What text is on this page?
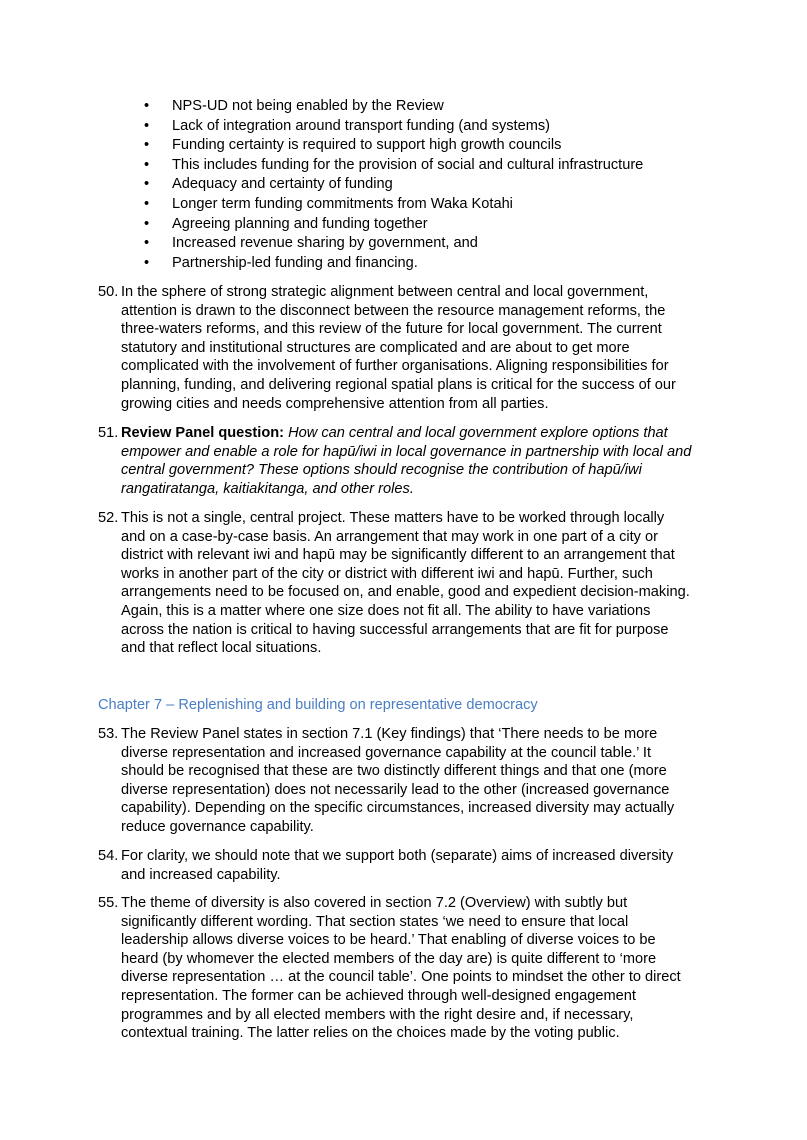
• NPS-UD not being enabled by the Review
• Lack of integration around transport funding (and systems)
• Funding certainty is required to support high growth councils
• This includes funding for the provision of social and cultural infrastructure
• Adequacy and certainty of funding
• Longer term funding commitments from Waka Kotahi
• Agreeing planning and funding together
• Increased revenue sharing by government, and
• Partnership-led funding and financing.
50. In the sphere of strong strategic alignment between central and local government,
attention is drawn to the disconnect between the resource management reforms, the
three-waters reforms, and this review of the future for local government. The current
statutory and institutional structures are complicated and are about to get more
complicated with the involvement of further organisations. Aligning responsibilities for
planning, funding, and delivering regional spatial plans is critical for the success of our
growing cities and needs comprehensive attention from all parties.
51. Review Panel question: How can central and local government explore options that
empower and enable a role for hapū/iwi in local governance in partnership with local and
central government? These options should recognise the contribution of hapū/iwi
rangatiratanga, kaitiakitanga, and other roles.
52. This is not a single, central project. These matters have to be worked through locally
and on a case-by-case basis. An arrangement that may work in one part of a city or
district with relevant iwi and hapū may be significantly different to an arrangement that
works in another part of the city or district with different iwi and hapū. Further, such
arrangements need to be focused on, and enable, good and expedient decision-making.
Again, this is a matter where one size does not fit all. The ability to have variations
across the nation is critical to having successful arrangements that are fit for purpose
and that reflect local situations.
Chapter 7 – Replenishing and building on representative democracy
53. The Review Panel states in section 7.1 (Key findings) that ‘There needs to be more
diverse representation and increased governance capability at the council table.’ It
should be recognised that these are two distinctly different things and that one (more
diverse representation) does not necessarily lead to the other (increased governance
capability). Depending on the specific circumstances, increased diversity may actually
reduce governance capability.
54. For clarity, we should note that we support both (separate) aims of increased diversity
and increased capability.
55. The theme of diversity is also covered in section 7.2 (Overview) with subtly but
significantly different wording. That section states ‘we need to ensure that local
leadership allows diverse voices to be heard.’ That enabling of diverse voices to be
heard (by whomever the elected members of the day are) is quite different to ‘more
diverse representation … at the council table’. One points to mindset the other to direct
representation. The former can be achieved through well-designed engagement
programmes and by all elected members with the right desire and, if necessary,
contextual training. The latter relies on the choices made by the voting public.
